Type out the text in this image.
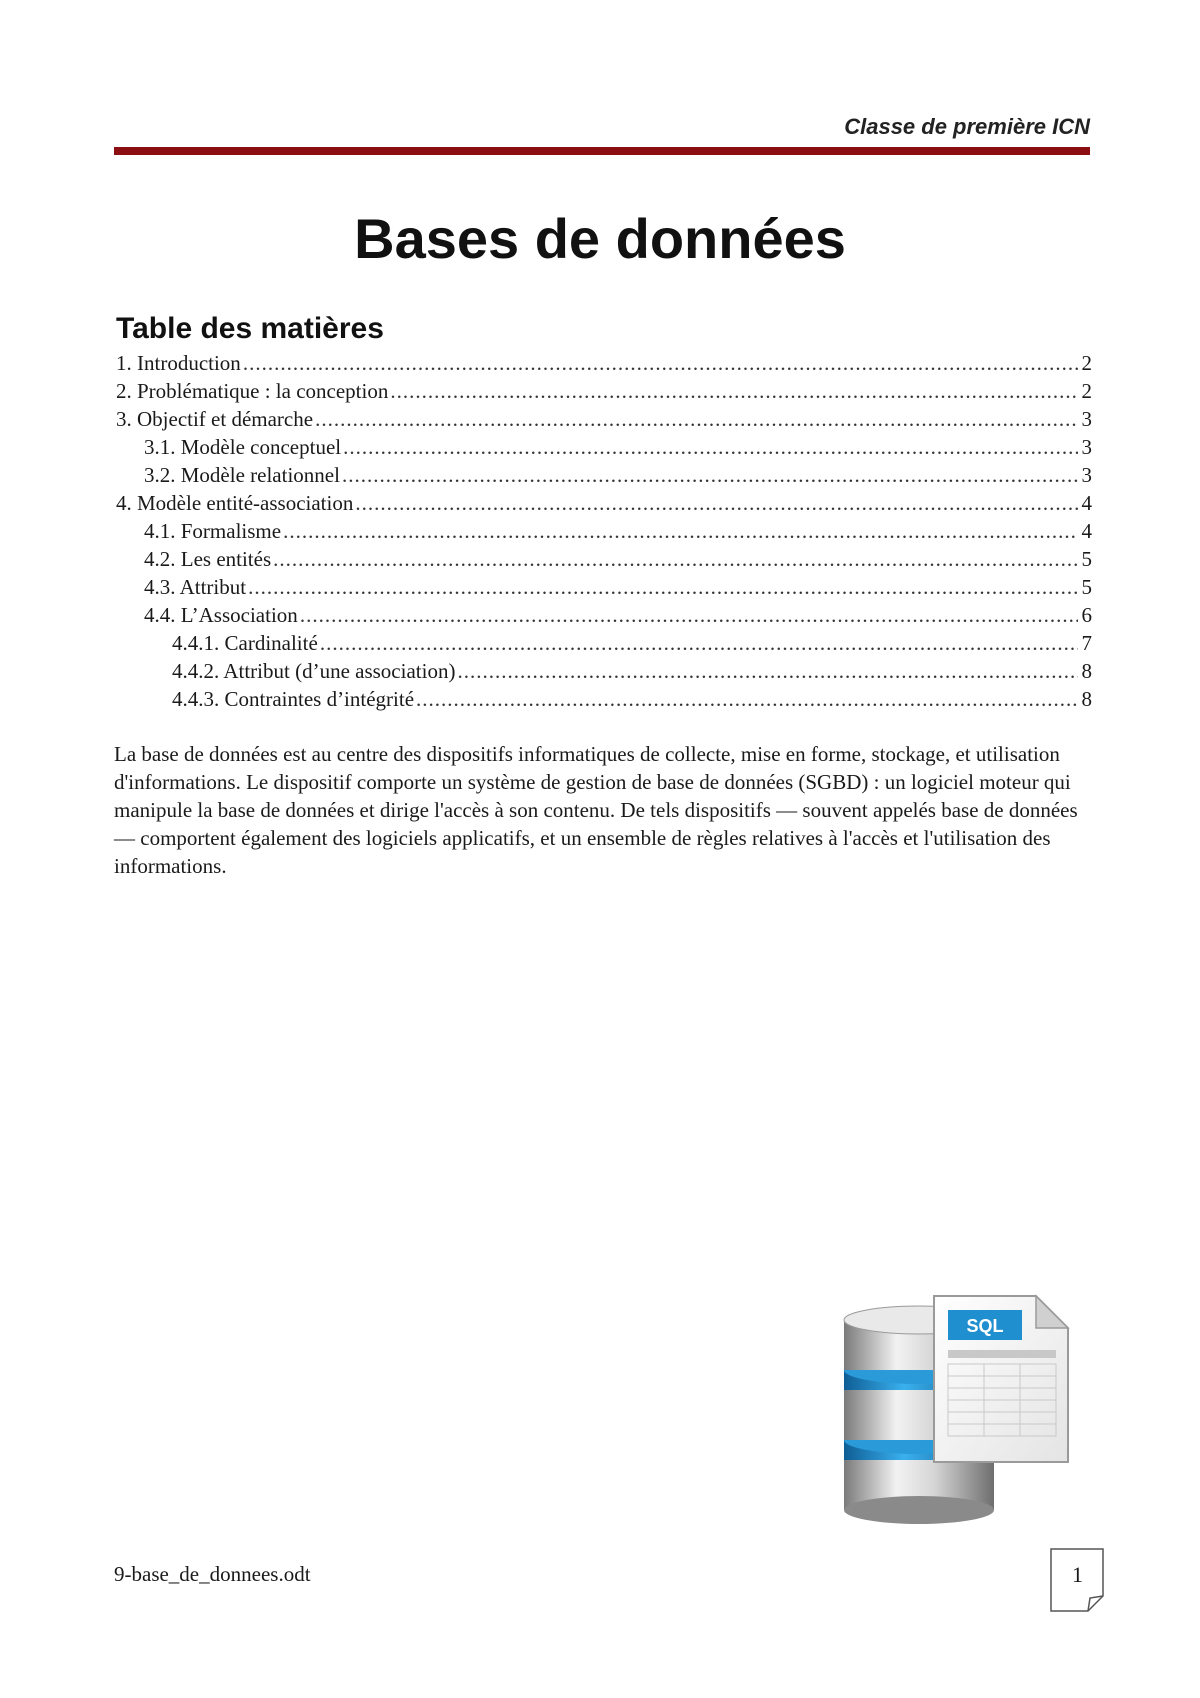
Classe de première ICN
Bases de données
Table des matières
1. Introduction .....	2
2. Problématique : la conception .....	2
3. Objectif et démarche .....	3
3.1. Modèle conceptuel .....	3
3.2. Modèle relationnel .....	3
4. Modèle entité-association .....	4
4.1. Formalisme .....	4
4.2. Les entités .....	5
4.3. Attribut .....	5
4.4. L’Association .....	6
4.4.1. Cardinalité .....	7
4.4.2. Attribut (d’une association) .....	8
4.4.3. Contraintes d’intégrité .....	8

La base de données est au centre des dispositifs informatiques de collecte, mise en forme, stockage, et utilisation d'informations. Le dispositif comporte un système de gestion de base de données (SGBD) : un logiciel moteur qui manipule la base de données et dirige l'accès à son contenu. De tels dispositifs — souvent appelés base de données — comportent également des logiciels applicatifs, et un ensemble de règles relatives à l'accès et l'utilisation des informations.

SQL
9-base_de_donnees.odt	1
